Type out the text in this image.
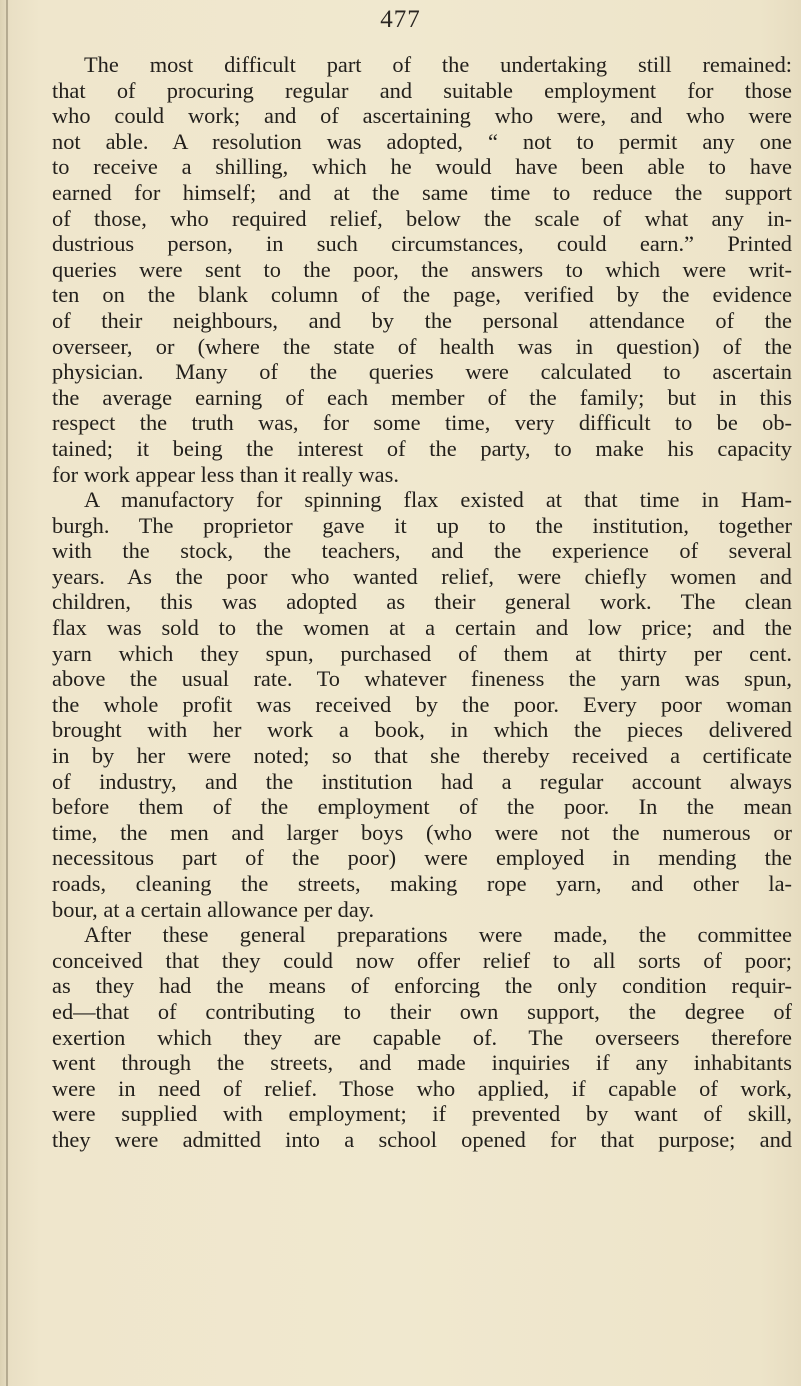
477
The most difficult part of the undertaking still remained:
that of procuring regular and suitable employment for those
who could work; and of ascertaining who were, and who were
not able. A resolution was adopted, “ not to permit any one
to receive a shilling, which he would have been able to have
earned for himself; and at the same time to reduce the support
of those, who required relief, below the scale of what any in-
dustrious person, in such circumstances, could earn.” Printed
queries were sent to the poor, the answers to which were writ-
ten on the blank column of the page, verified by the evidence
of their neighbours, and by the personal attendance of the
overseer, or (where the state of health was in question) of the
physician. Many of the queries were calculated to ascertain
the average earning of each member of the family; but in this
respect the truth was, for some time, very difficult to be ob-
tained; it being the interest of the party, to make his capacity
for work appear less than it really was.
A manufactory for spinning flax existed at that time in Ham-
burgh. The proprietor gave it up to the institution, together
with the stock, the teachers, and the experience of several
years. As the poor who wanted relief, were chiefly women and
children, this was adopted as their general work. The clean
flax was sold to the women at a certain and low price; and the
yarn which they spun, purchased of them at thirty per cent.
above the usual rate. To whatever fineness the yarn was spun,
the whole profit was received by the poor. Every poor woman
brought with her work a book, in which the pieces delivered
in by her were noted; so that she thereby received a certificate
of industry, and the institution had a regular account always
before them of the employment of the poor. In the mean
time, the men and larger boys (who were not the numerous or
necessitous part of the poor) were employed in mending the
roads, cleaning the streets, making rope yarn, and other la-
bour, at a certain allowance per day.
After these general preparations were made, the committee
conceived that they could now offer relief to all sorts of poor;
as they had the means of enforcing the only condition requir-
ed—that of contributing to their own support, the degree of
exertion which they are capable of. The overseers therefore
went through the streets, and made inquiries if any inhabitants
were in need of relief. Those who applied, if capable of work,
were supplied with employment; if prevented by want of skill,
they were admitted into a school opened for that purpose; and
